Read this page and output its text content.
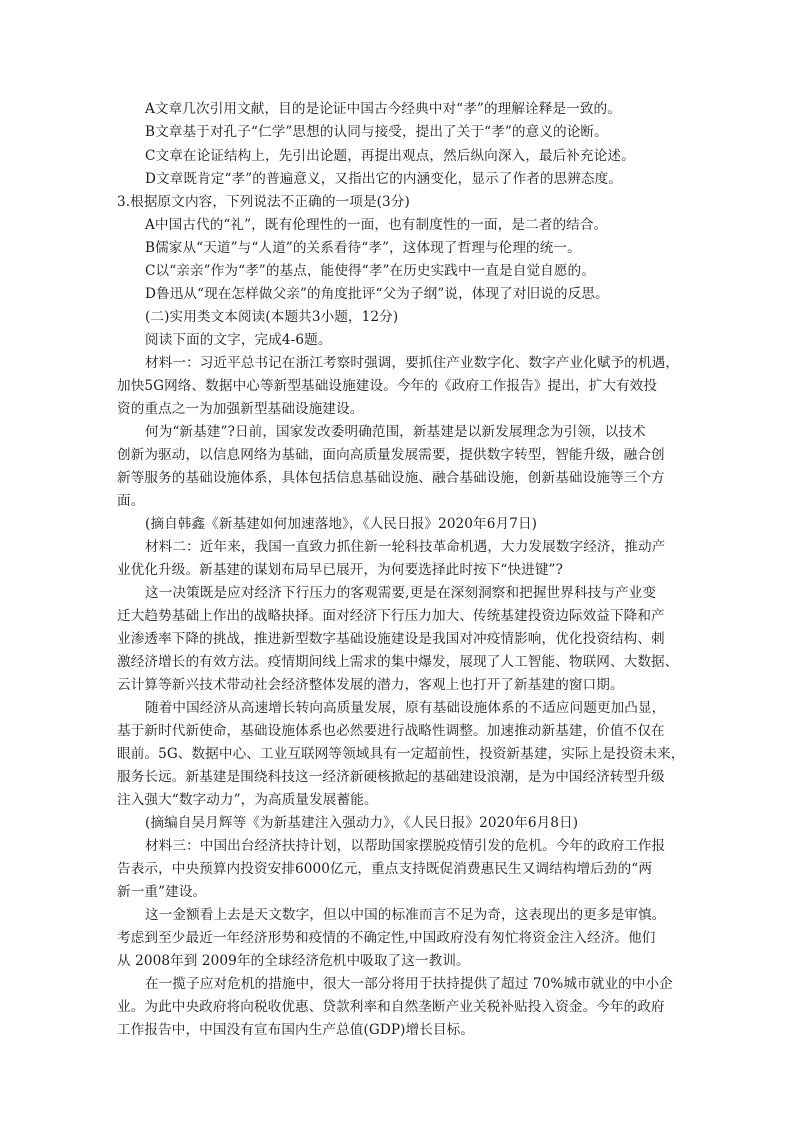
A文章几次引用文献，目的是论证中国古今经典中对“孝”的理解诠释是一致的。
B文章基于对孔子“仁学”思想的认同与接受，提出了关于“孝”的意义的论断。
C文章在论证结构上，先引出论题，再提出观点，然后纵向深入，最后补充论述。
D文章既肯定“孝”的普遍意义，又指出它的内涵变化，显示了作者的思辨态度。
3.根据原文内容，下列说法不正确的一项是(3分)
A中国古代的“礼”，既有伦理性的一面，也有制度性的一面，是二者的结合。
B儒家从“天道”与“人道”的关系看待“孝”，这体现了哲理与伦理的统一。
C以“亲亲”作为“孝”的基点，能使得“孝”在历史实践中一直是自觉自愿的。
D鲁迅从“现在怎样做父亲”的角度批评“父为子纲”说，体现了对旧说的反思。
(二)实用类文本阅读(本题共3小题，12分)
阅读下面的文字，完成4-6题。
材料一：习近平总书记在浙江考察时强调，要抓住产业数字化、数字产业化赋予的机遇，
加快5G网络、数据中心等新型基础设施建设。今年的《政府工作报告》提出，扩大有效投
资的重点之一为加强新型基础设施建设。
何为“新基建”?日前，国家发改委明确范围，新基建是以新发展理念为引领，以技术
创新为驱动，以信息网络为基础，面向高质量发展需要，提供数字转型，智能升级，融合创
新等服务的基础设施体系，具体包括信息基础设施、融合基础设施，创新基础设施等三个方
面。
(摘自韩鑫《新基建如何加速落地》，《人民日报》2020年6月7日)
材料二：近年来，我国一直致力抓住新一轮科技革命机遇，大力发展数字经济，推动产
业优化升级。新基建的谋划布局早已展开，为何要选择此时按下“快进键”?
这一决策既是应对经济下行压力的客观需要,更是在深刻洞察和把握世界科技与产业变
迁大趋势基础上作出的战略抉择。面对经济下行压力加大、传统基建投资边际效益下降和产
业渗透率下降的挑战，推进新型数字基础设施建设是我国对冲疫情影响，优化投资结构、刺
激经济增长的有效方法。疫情期间线上需求的集中爆发，展现了人工智能、物联网、大数据、
云计算等新兴技术带动社会经济整体发展的潜力，客观上也打开了新基建的窗口期。
随着中国经济从高速增长转向高质量发展，原有基础设施体系的不适应问题更加凸显，
基于新时代新使命，基础设施体系也必然要进行战略性调整。加速推动新基建，价值不仅在
眼前。5G、数据中心、工业互联网等领域具有一定超前性，投资新基建，实际上是投资未来，
服务长远。新基建是围绕科技这一经济新硬核掀起的基础建设浪潮，是为中国经济转型升级
注入强大“数字动力”，为高质量发展蓄能。
(摘编自吴月辉等《为新基建注入强动力》，《人民日报》2020年6月8日)
材料三：中国出台经济扶持计划，以帮助国家摆脱疫情引发的危机。今年的政府工作报
告表示，中央预算内投资安排6000亿元，重点支持既促消费惠民生又调结构增后劲的“两
新一重”建设。
这一金额看上去是天文数字，但以中国的标准而言不足为奇，这表现出的更多是审慎。
考虑到至少最近一年经济形势和疫情的不确定性,中国政府没有匆忙将资金注入经济。他们
从 2008年到 2009年的全球经济危机中吸取了这一教训。
在一揽子应对危机的措施中，很大一部分将用于扶持提供了超过 70%城市就业的中小企
业。为此中央政府将向税收优惠、贷款利率和自然垄断产业关税补贴投入资金。今年的政府
工作报告中，中国没有宣布国内生产总值(GDP)增长目标。
